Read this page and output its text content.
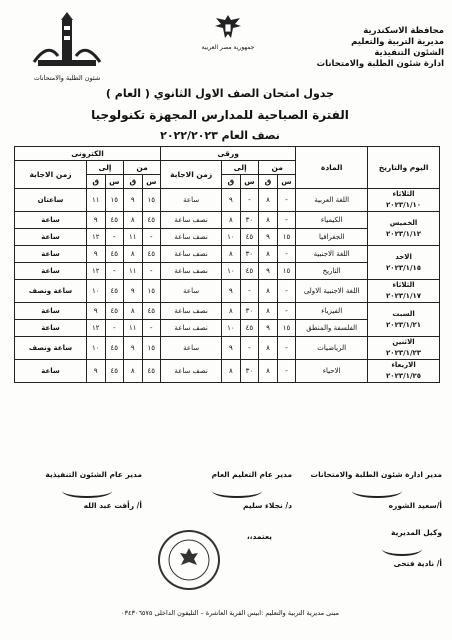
محافظة الاسكندرية
مديرية التربية والتعليم
الشئون التنفيذية
ادارة شئون الطلبة والامتحانات
جمهورية مصر العربية
شئون الطلبة والامتحانات
جدول امتحان الصف الاول الثانوي ( العام )
الفترة الصباحية للمدارس المجهزة تكنولوجيا
نصف العام ٢٠٢٢/٢٠٢٣
اليوم والتاريخ	المادة	ورقى					الكترونى				
		من		إلى		زمن الاجابة	من		إلى		زمن الاجابة
		س	ق	س	ق		س	ق	س	ق	

الثلاثاء
٢٠٢٣/١/١٠	اللغة العربية	-	٨	-	٩	ساعة	١٥	٩	١٥	١١	ساعتان

الخميس
٢٠٢٣/١/١٢	الكيمياء	-	٨	٣٠	٨	نصف ساعة	٤٥	٨	٤٥	٩	ساعة
	الجغرافيا	١٥	٩	٤٥	١٠	نصف ساعة	-	١١	-	١٢	ساعة

الاحد
٢٠٢٣/١/١٥	اللغة الاجنبية	-	٨	٣٠	٨	نصف ساعة	٤٥	٨	٤٥	٩	ساعة
	التاريخ	١٥	٩	٤٥	١٠	نصف ساعة	-	١١	-	١٢	ساعة

الثلاثاء
٢٠٢٣/١/١٧	اللغة الاجنبية الاولى	-	٨	-	٩	ساعة	١٥	٩	٤٥	١٠	ساعة ونصف

السبت
٢٠٢٣/١/٢١	الفيزياء	-	٨	٣٠	٨	نصف ساعة	٤٥	٨	٤٥	٩	ساعة
	الفلسفة والمنطق	١٥	٩	٤٥	١٠	نصف ساعة	-	١١	-	١٢	ساعة

الاثنين
٢٠٢٣/١/٢٣	الرياضيات	-	٨	-	٩	ساعة	١٥	٩	٤٥	١٠	ساعة ونصف

الاربعاء
٢٠٢٣/١/٢٥	الاحياء	-	٨	٣٠	٨	نصف ساعة	٤٥	٨	٤٥	٩	ساعة
مدير ادارة شئون الطلبة والامتحانات
أ/سعيد الشوره
مدير عام التعليم العام
د/ نجلاء سليم
مدير عام الشئون التنفيذية
أ/ رأفت عبد الله
وكيل المديرية
أ/ نادية فتحى
يعتمد،،
مبنى مديرية التربية والتعليم :ابيس القرية العاشرة – التليفون الداخلى ٠٣٤٣٠٦٥٧٥
